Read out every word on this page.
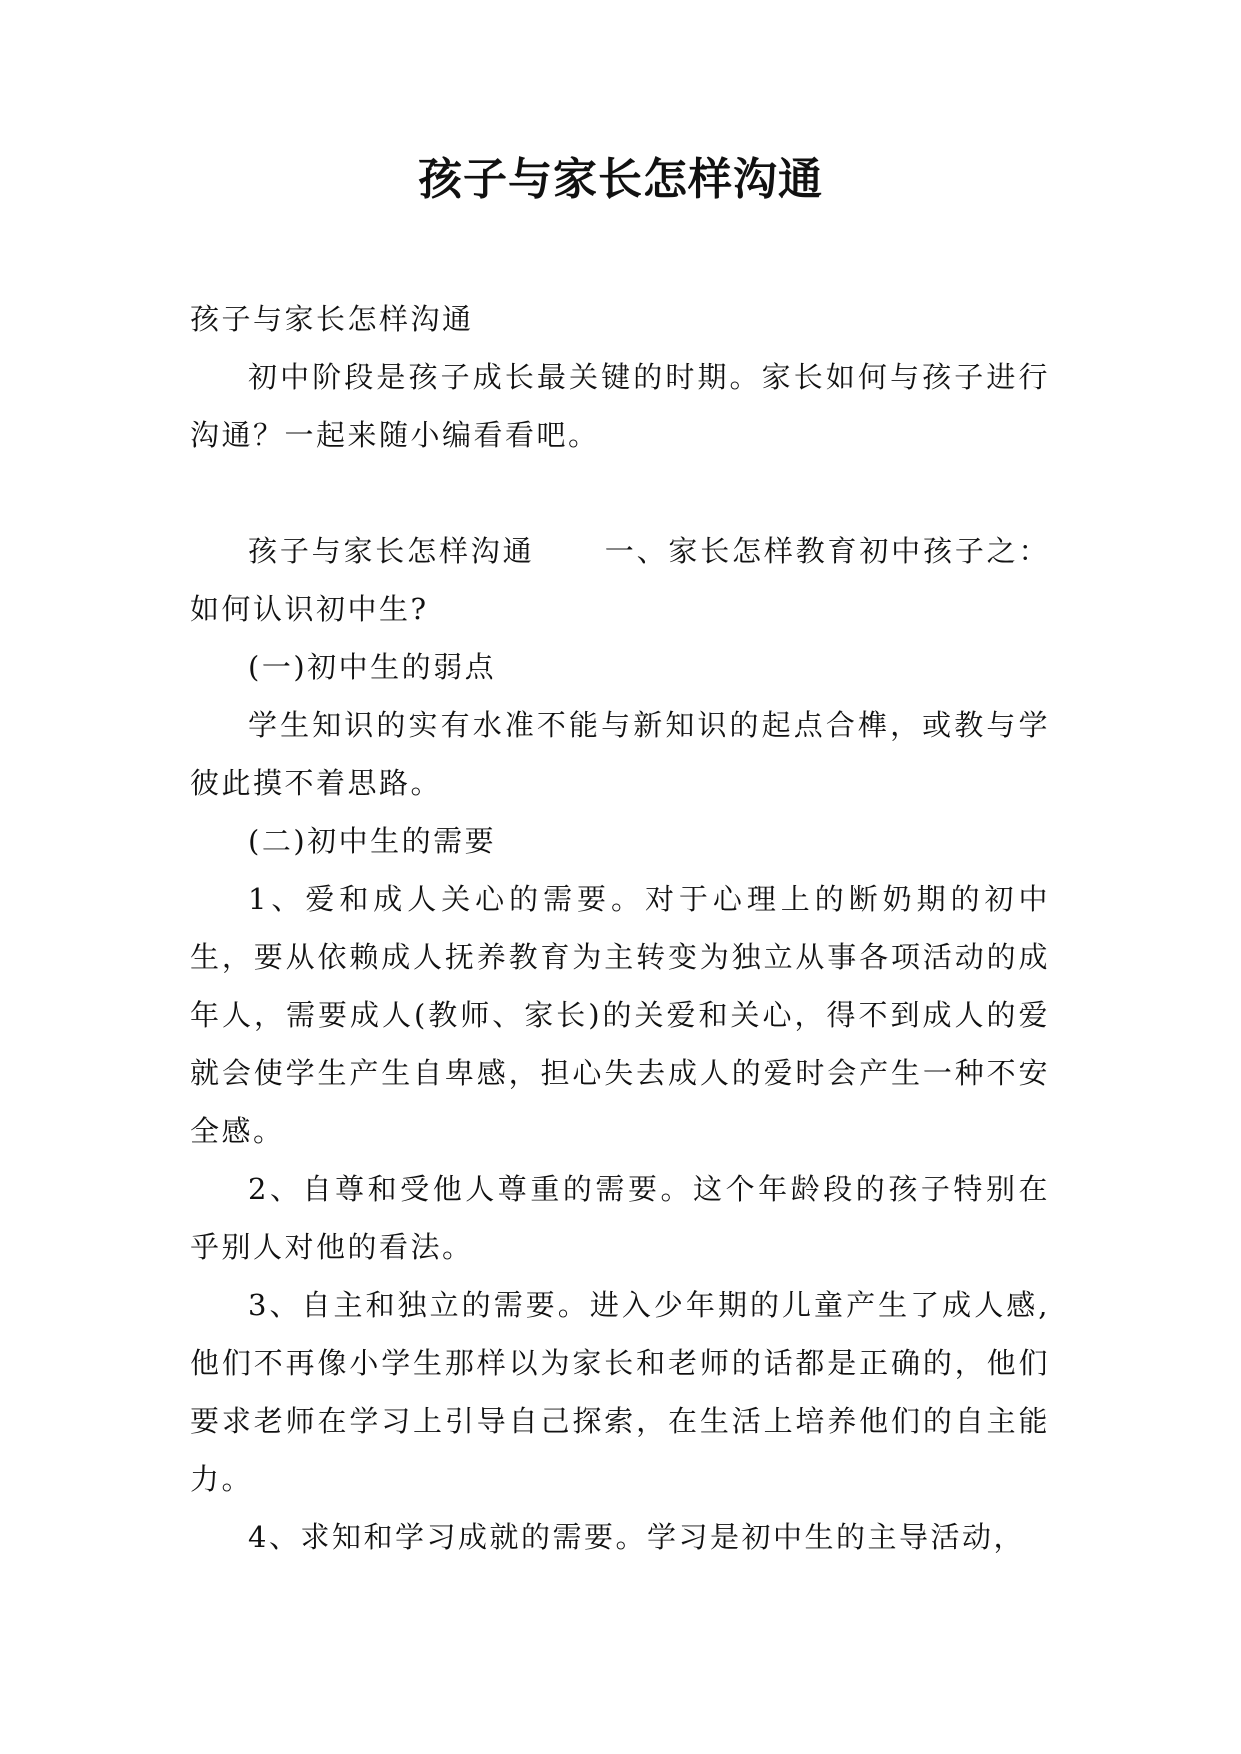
孩子与家长怎样沟通

孩子与家长怎样沟通

初中阶段是孩子成长最关键的时期。家长如何与孩子进行沟通？一起来随小编看看吧。

孩子与家长怎样沟通 一、家长怎样教育初中孩子之：如何认识初中生?

(一)初中生的弱点

学生知识的实有水准不能与新知识的起点合榫，或教与学彼此摸不着思路。

(二)初中生的需要

1、爱和成人关心的需要。对于心理上的断奶期的初中生，要从依赖成人抚养教育为主转变为独立从事各项活动的成年人，需要成人(教师、家长)的关爱和关心，得不到成人的爱就会使学生产生自卑感，担心失去成人的爱时会产生一种不安全感。

2、自尊和受他人尊重的需要。这个年龄段的孩子特别在乎别人对他的看法。

3、自主和独立的需要。进入少年期的儿童产生了成人感,他们不再像小学生那样以为家长和老师的话都是正确的，他们要求老师在学习上引导自己探索，在生活上培养他们的自主能力。

4、求知和学习成就的需要。学习是初中生的主导活动，
